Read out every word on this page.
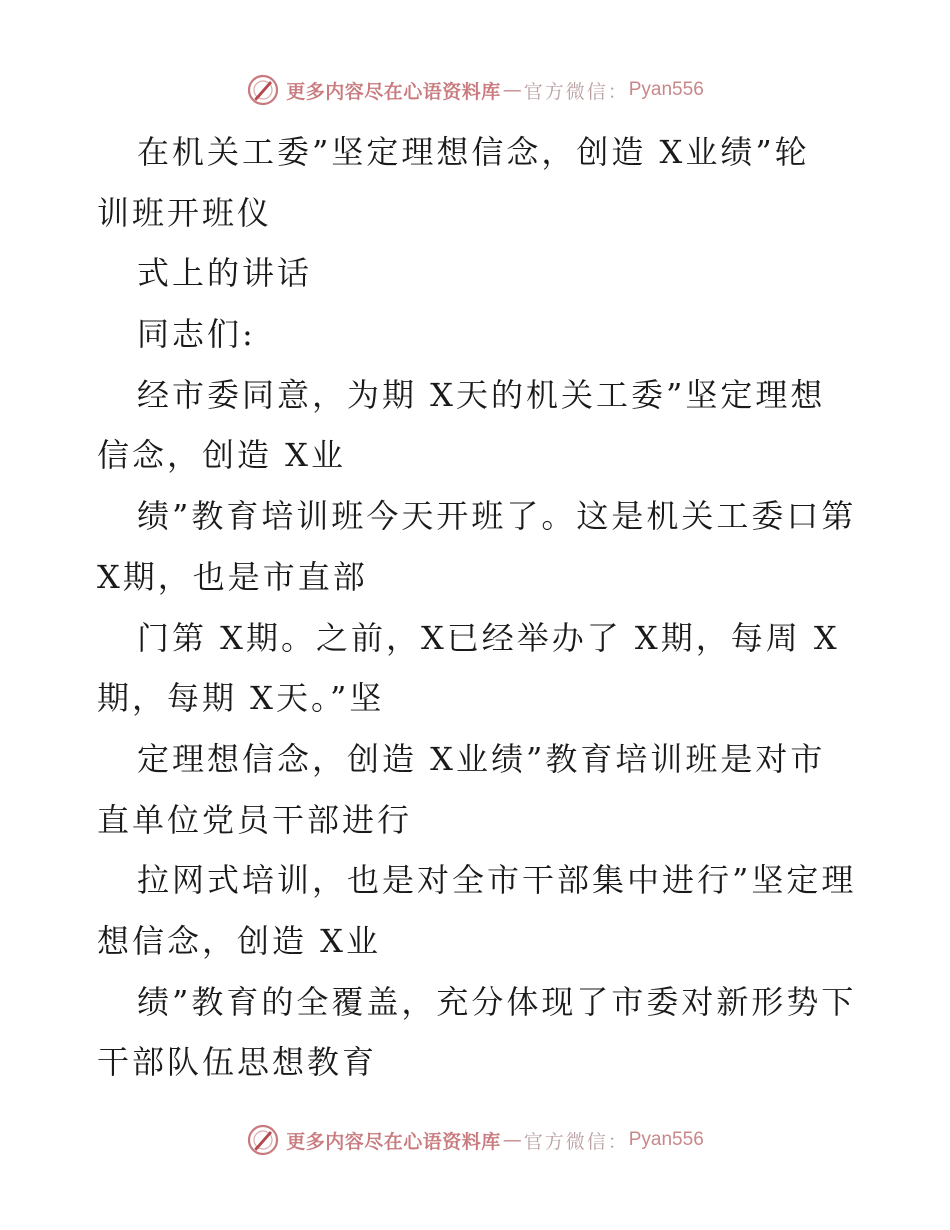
更多内容尽在心语资料库 — 官方微信： Pyan556
在机关工委”坚定理想信念，创造 X业绩”轮
训班开班仪
式上的讲话
同志们:
经市委同意，为期 X天的机关工委”坚定理想
信念，创造 X业
绩”教育培训班今天开班了。这是机关工委口第
X期，也是市直部
门第 X期。之前，X已经举办了 X期，每周 X
期，每期 X天。”坚
定理想信念，创造 X业绩”教育培训班是对市
直单位党员干部进行
拉网式培训，也是对全市干部集中进行”坚定理
想信念，创造 X业
绩”教育的全覆盖，充分体现了市委对新形势下
干部队伍思想教育
更多内容尽在心语资料库 — 官方微信： Pyan556
